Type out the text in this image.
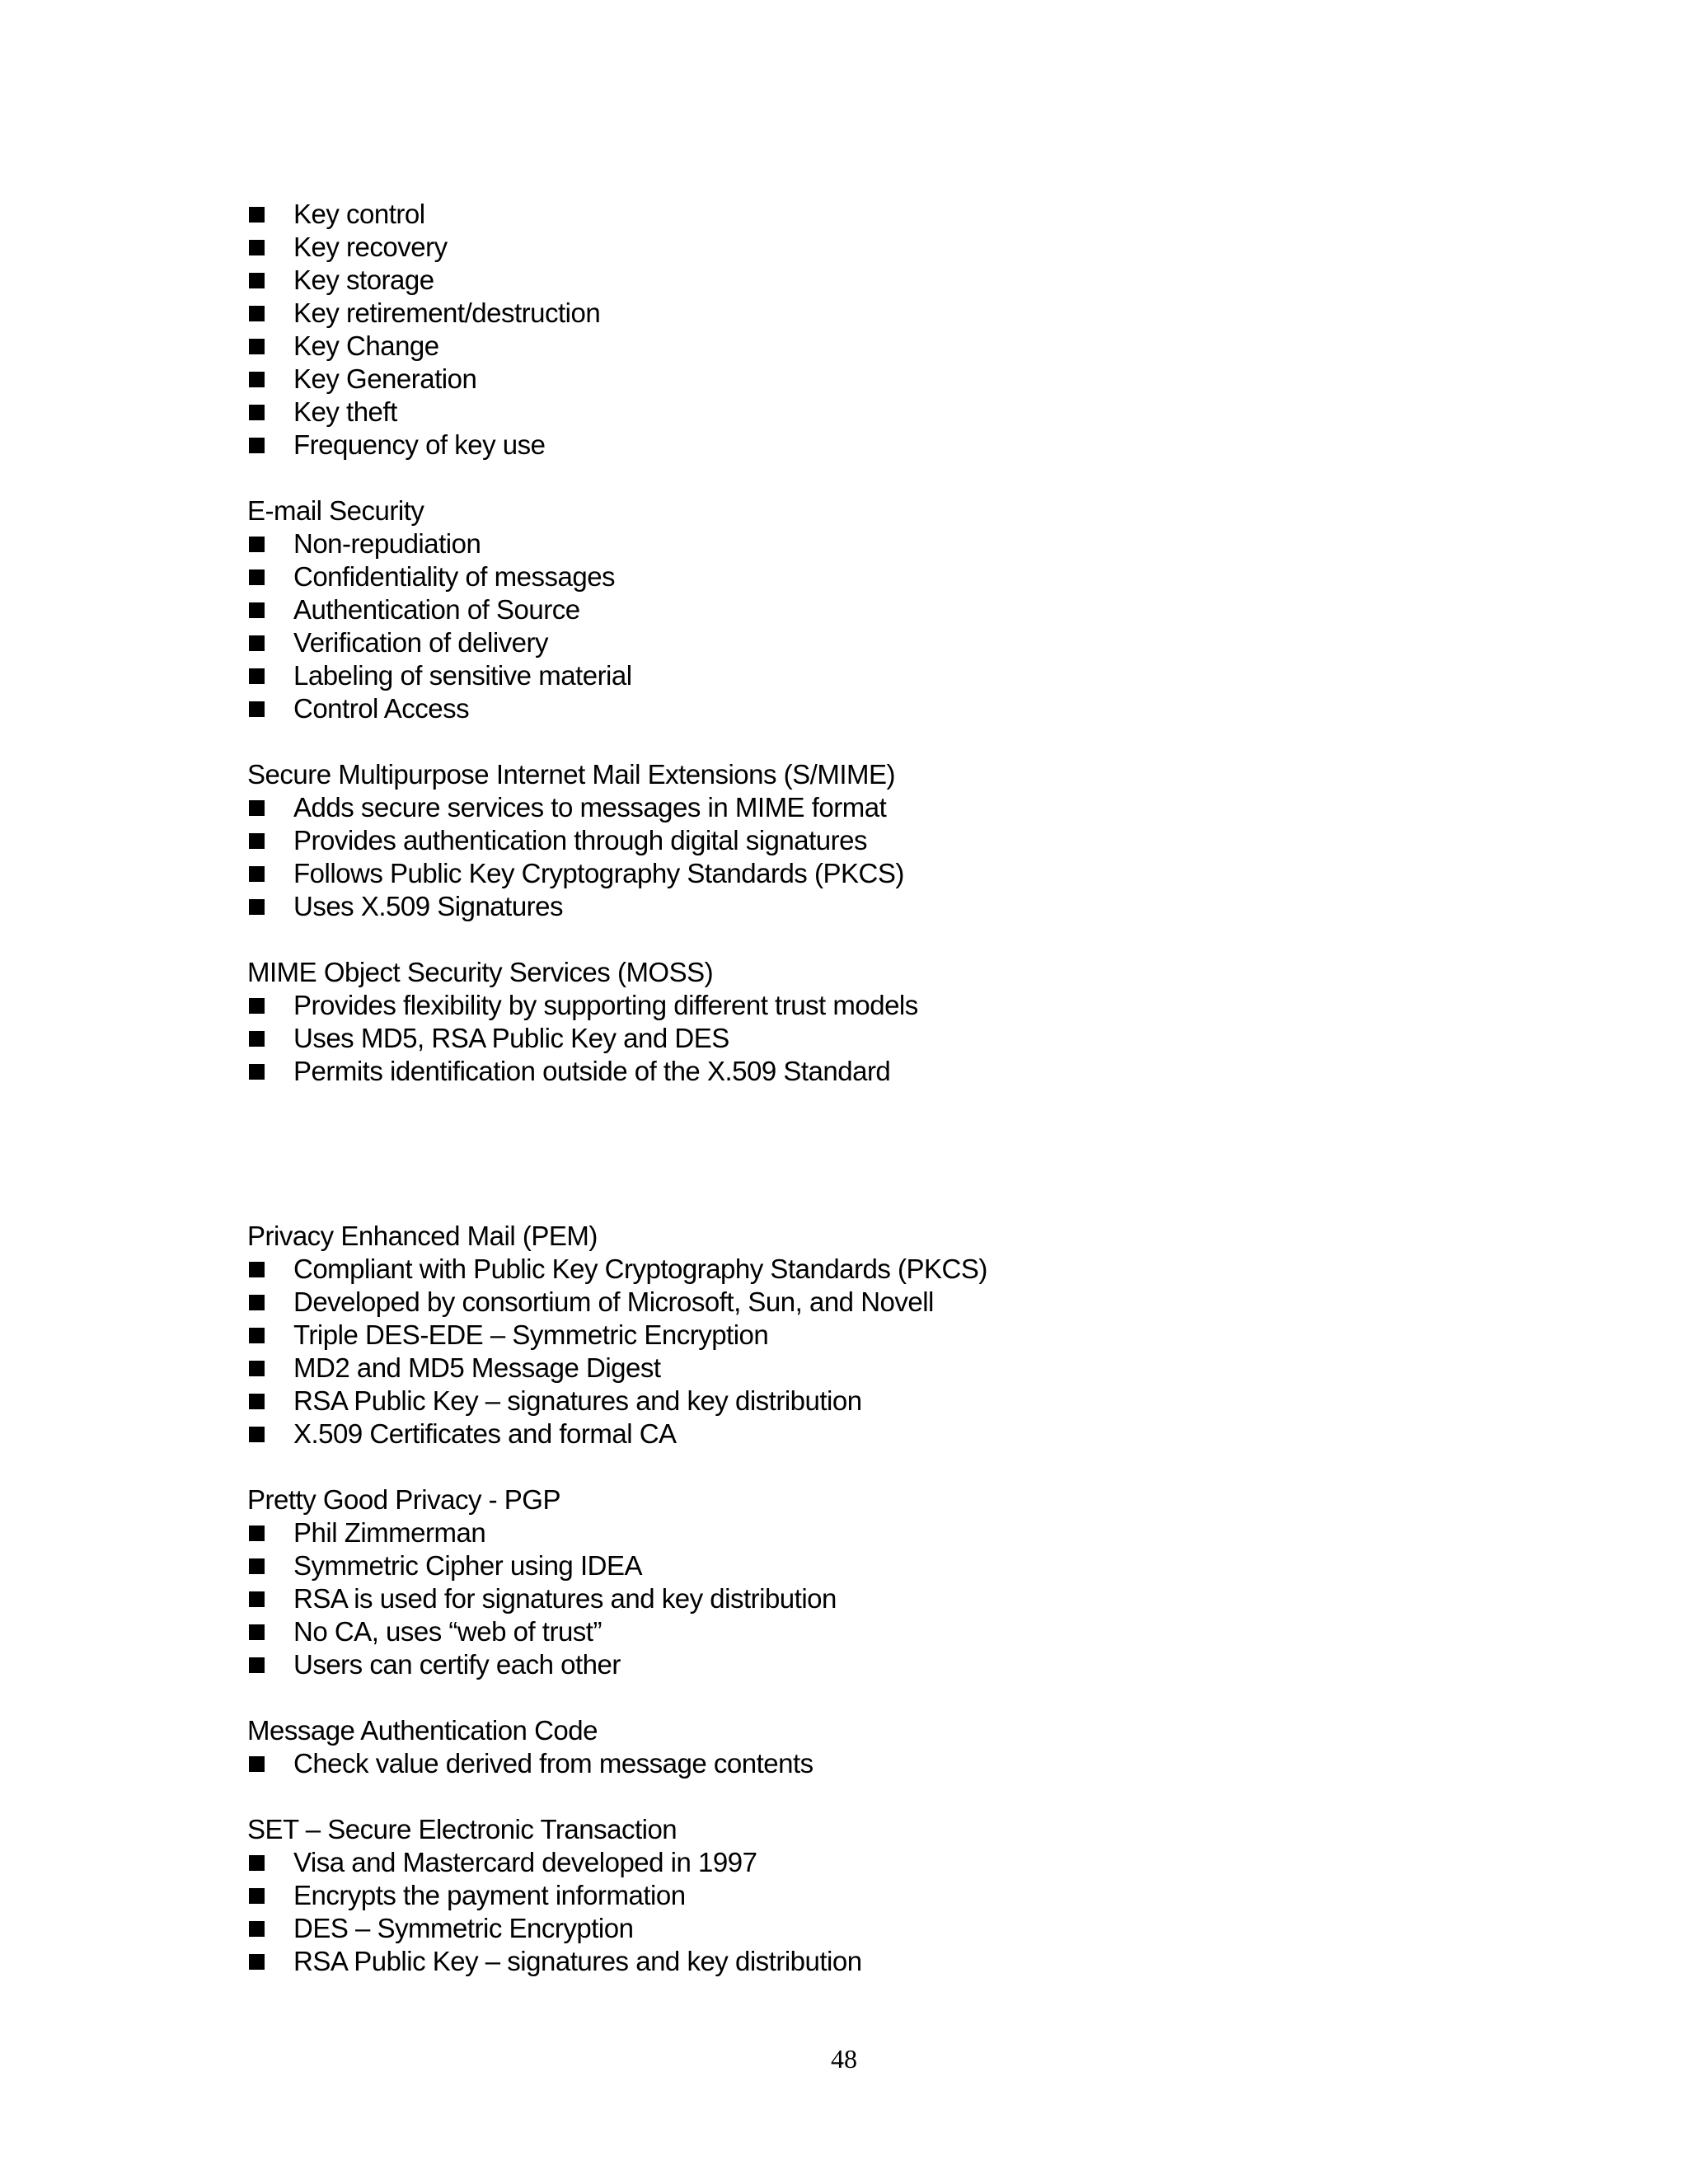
Key control
Key recovery
Key storage
Key retirement/destruction
Key Change
Key Generation
Key theft
Frequency of key use
E-mail Security
Non-repudiation
Confidentiality of messages
Authentication of Source
Verification of delivery
Labeling of sensitive material
Control Access
Secure Multipurpose Internet Mail Extensions (S/MIME)
Adds secure services to messages in MIME format
Provides authentication through digital signatures
Follows Public Key Cryptography Standards (PKCS)
Uses X.509 Signatures
MIME Object Security Services (MOSS)
Provides flexibility by supporting different trust models
Uses MD5, RSA Public Key and DES
Permits identification outside of the X.509 Standard
Privacy Enhanced Mail (PEM)
Compliant with Public Key Cryptography Standards (PKCS)
Developed by consortium of Microsoft, Sun, and Novell
Triple DES-EDE – Symmetric Encryption
MD2 and MD5 Message Digest
RSA Public Key – signatures and key distribution
X.509 Certificates and formal CA
Pretty Good Privacy - PGP
Phil Zimmerman
Symmetric Cipher using IDEA
RSA is used for signatures and key distribution
No CA, uses “web of trust”
Users can certify each other
Message Authentication Code
Check value derived from message contents
SET – Secure Electronic Transaction
Visa and Mastercard developed in 1997
Encrypts the payment information
DES – Symmetric Encryption
RSA Public Key – signatures and key distribution
48
